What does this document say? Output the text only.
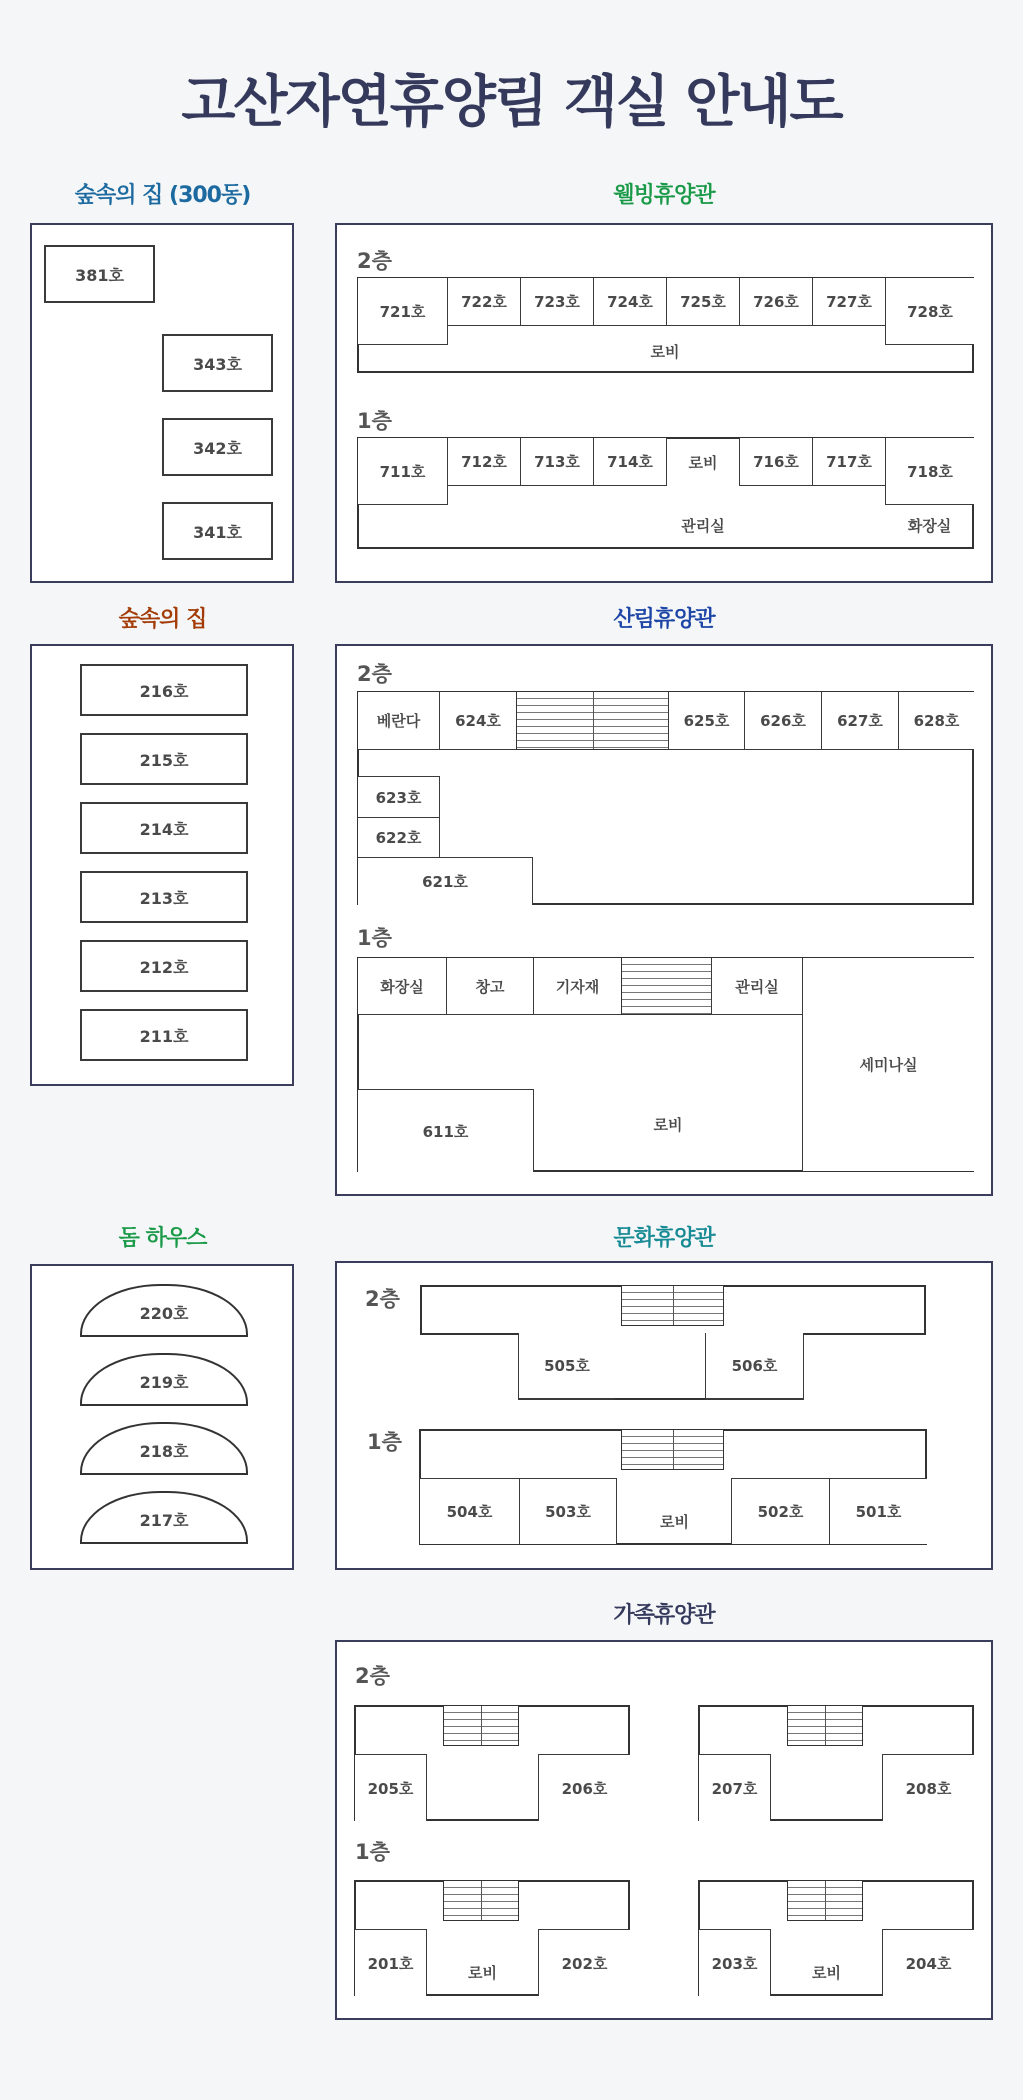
고산자연휴양림 객실 안내도
숲속의 집 (300동)
381호
343호
342호
341호
웰빙휴양관
2층
721호
722호	723호	724호	725호	726호	727호
728호
로비
1층
711호
712호	713호	714호	로비	716호	717호
718호
관리실	화장실
숲속의 집
216호
215호
214호
213호
212호
211호
산림휴양관
2층
베란다	624호	625호	626호	627호	628호
623호
622호
621호
1층
화장실	창고	기자재	관리실
세미나실
611호	로비
돔 하우스
220호
219호
218호
217호
문화휴양관
2층
505호	506호
1층
504호	503호
로비
502호	501호
가족휴양관
2층
205호	206호	207호	208호
1층
201호
로비
202호	203호
로비
204호
